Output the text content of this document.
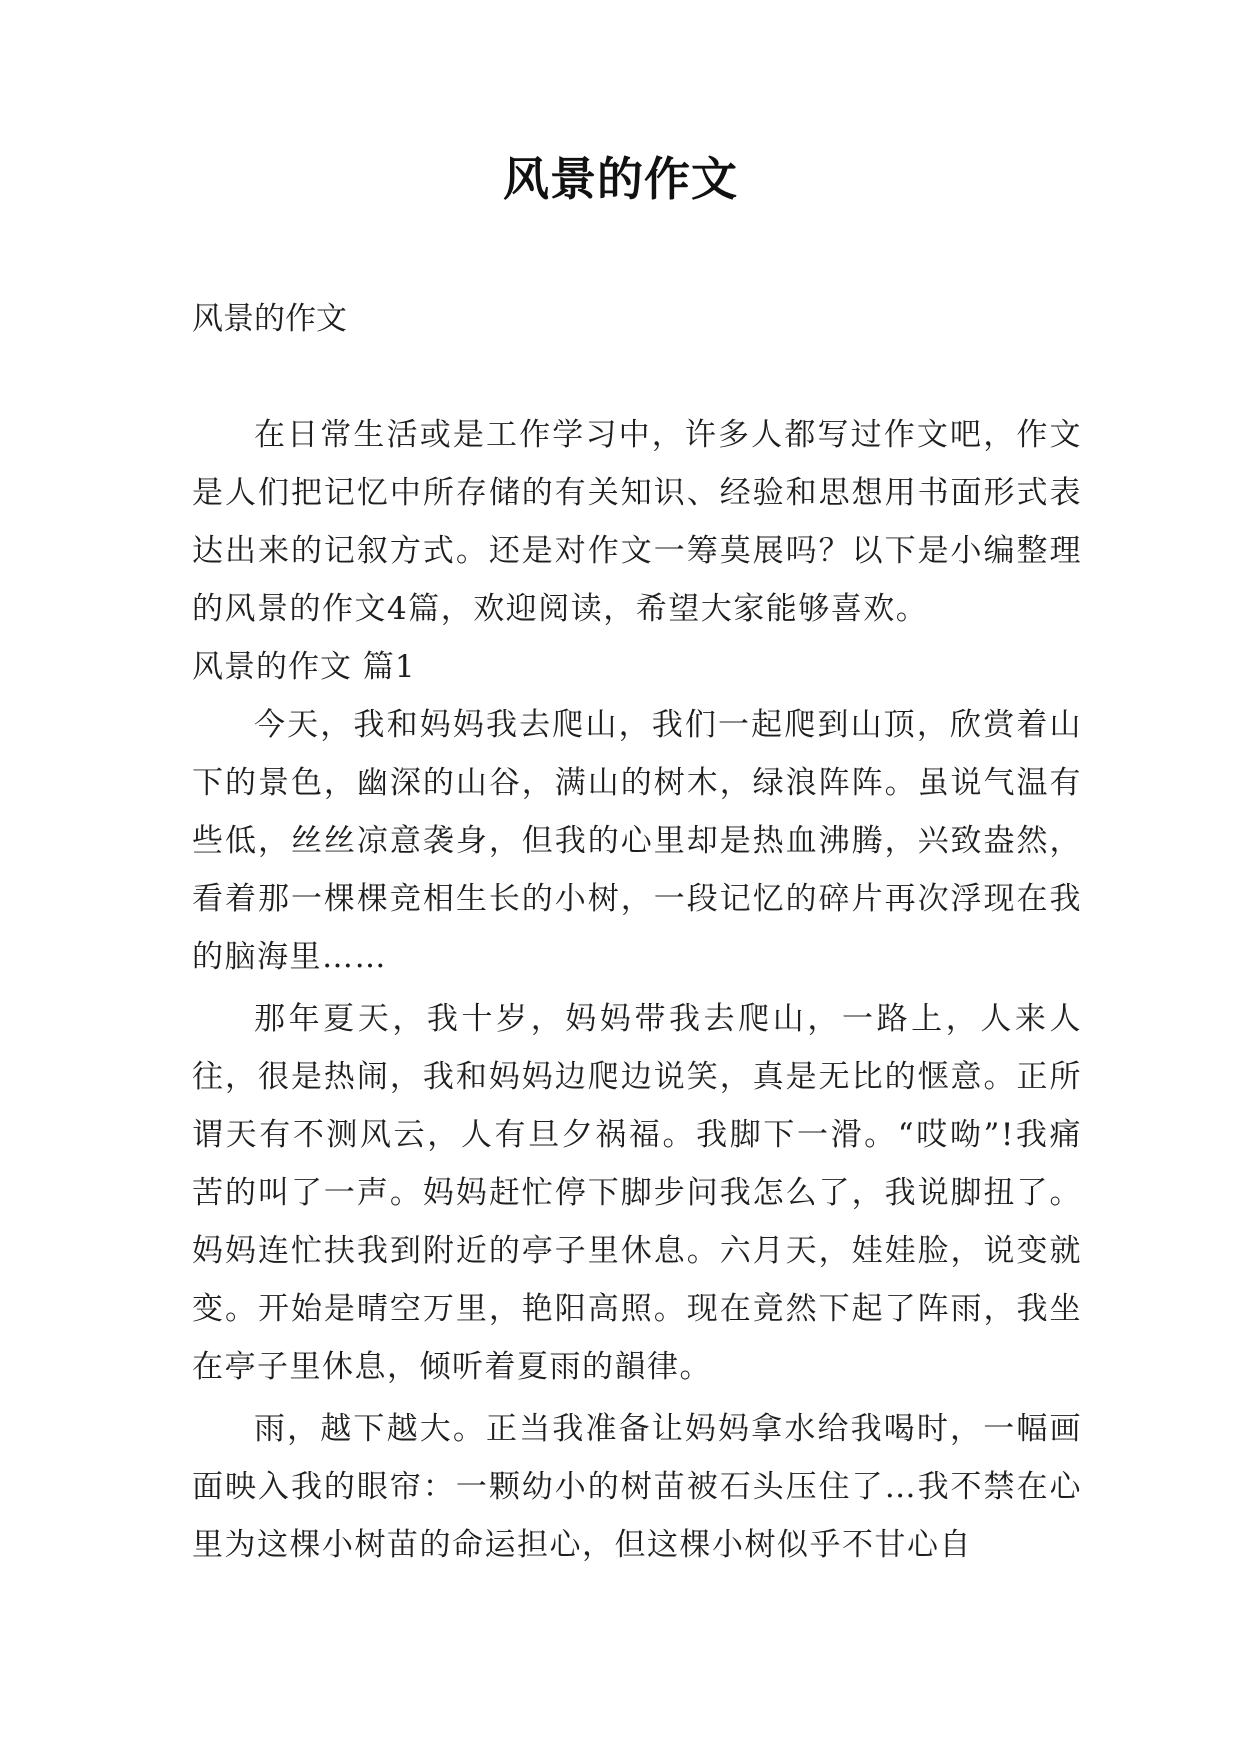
风景的作文

风景的作文

在日常生活或是工作学习中，许多人都写过作文吧，作文是人们把记忆中所存储的有关知识、经验和思想用书面形式表达出来的记叙方式。还是对作文一筹莫展吗？以下是小编整理的风景的作文4篇，欢迎阅读，希望大家能够喜欢。

风景的作文 篇1

今天，我和妈妈我去爬山，我们一起爬到山顶，欣赏着山下的景色，幽深的山谷，满山的树木，绿浪阵阵。虽说气温有些低，丝丝凉意袭身，但我的心里却是热血沸腾，兴致盎然，看着那一棵棵竞相生长的小树，一段记忆的碎片再次浮现在我的脑海里……

那年夏天，我十岁，妈妈带我去爬山，一路上，人来人往，很是热闹，我和妈妈边爬边说笑，真是无比的惬意。正所谓天有不测风云，人有旦夕祸福。我脚下一滑。“哎呦”!我痛苦的叫了一声。妈妈赶忙停下脚步问我怎么了，我说脚扭了。妈妈连忙扶我到附近的亭子里休息。六月天，娃娃脸，说变就变。开始是晴空万里，艳阳高照。现在竟然下起了阵雨，我坐在亭子里休息，倾听着夏雨的韻律。

雨，越下越大。正当我准备让妈妈拿水给我喝时，一幅画面映入我的眼帘：一颗幼小的树苗被石头压住了…我不禁在心里为这棵小树苗的命运担心，但这棵小树似乎不甘心自
